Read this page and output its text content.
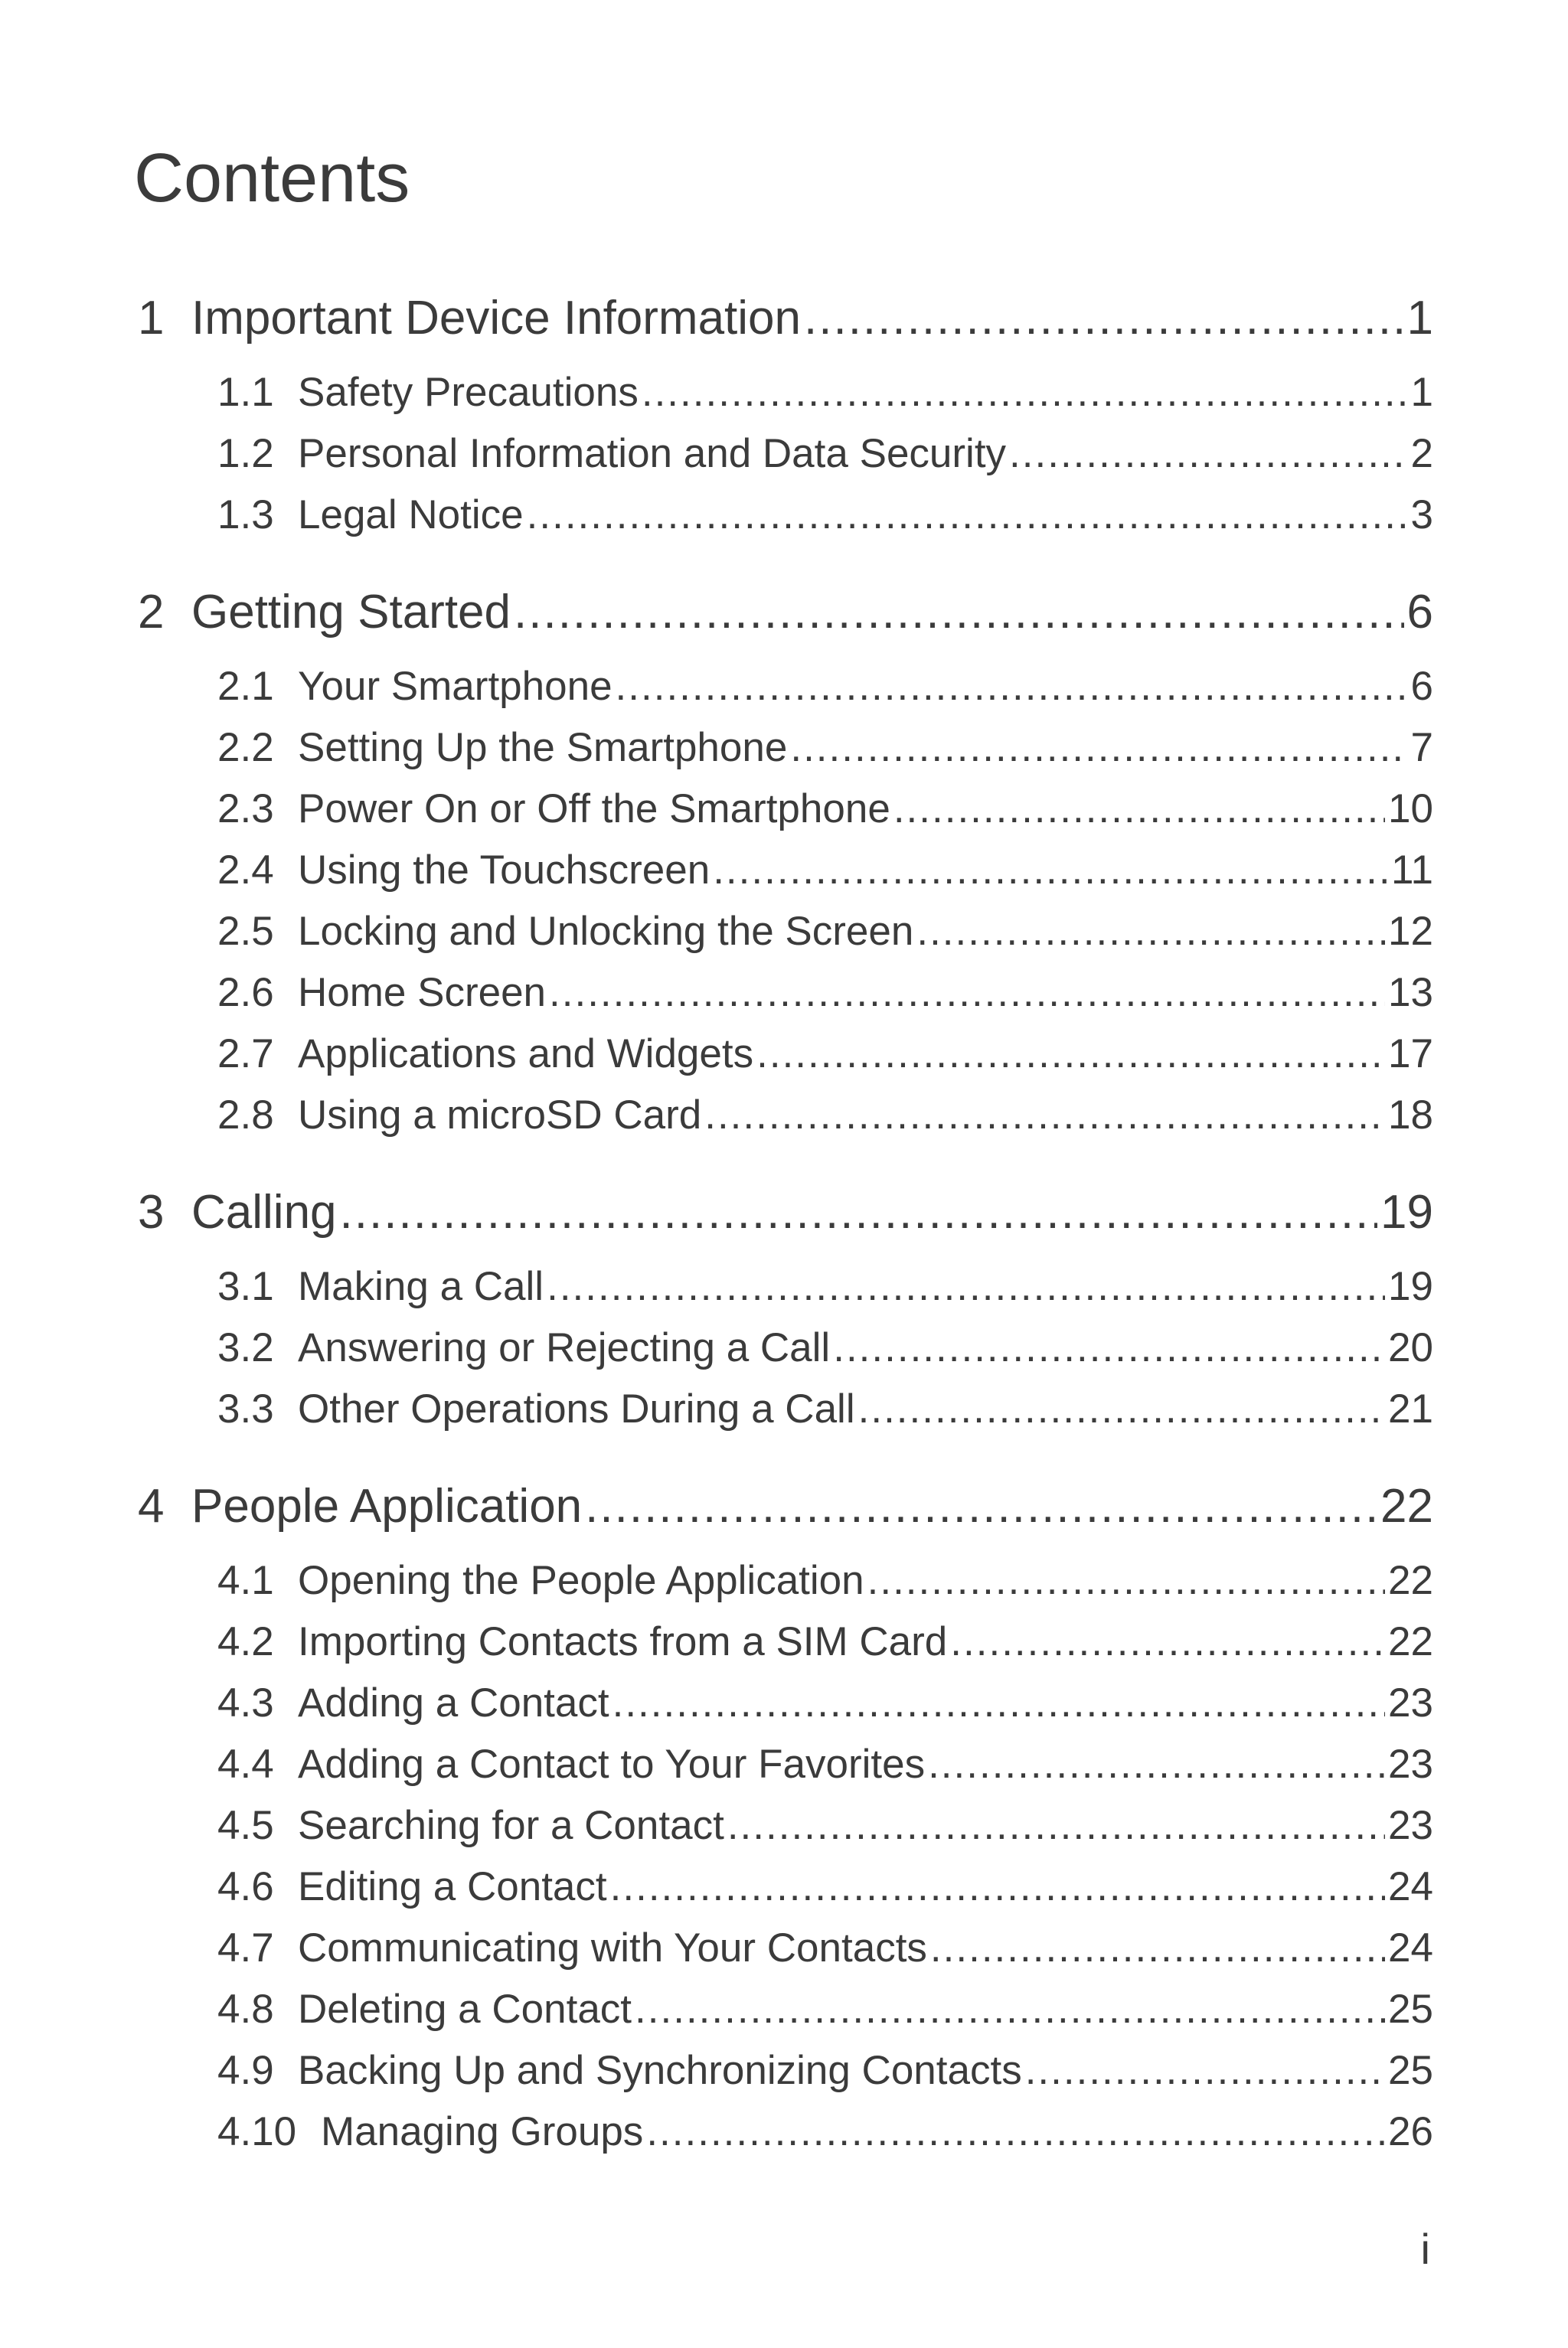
Contents
1 Important Device Information .....	1
1.1 Safety Precautions .....	1
1.2 Personal Information and Data Security .....	2
1.3 Legal Notice .....	3
2 Getting Started .....	6
2.1 Your Smartphone .....	6
2.2 Setting Up the Smartphone .....	7
2.3 Power On or Off the Smartphone .....	10
2.4 Using the Touchscreen .....	11
2.5 Locking and Unlocking the Screen .....	12
2.6 Home Screen .....	13
2.7 Applications and Widgets .....	17
2.8 Using a microSD Card .....	18
3 Calling .....	19
3.1 Making a Call .....	19
3.2 Answering or Rejecting a Call .....	20
3.3 Other Operations During a Call .....	21
4 People Application .....	22
4.1 Opening the People Application .....	22
4.2 Importing Contacts from a SIM Card .....	22
4.3 Adding a Contact .....	23
4.4 Adding a Contact to Your Favorites .....	23
4.5 Searching for a Contact .....	23
4.6 Editing a Contact .....	24
4.7 Communicating with Your Contacts .....	24
4.8 Deleting a Contact .....	25
4.9 Backing Up and Synchronizing Contacts .....	25
4.10 Managing Groups .....	26
i
